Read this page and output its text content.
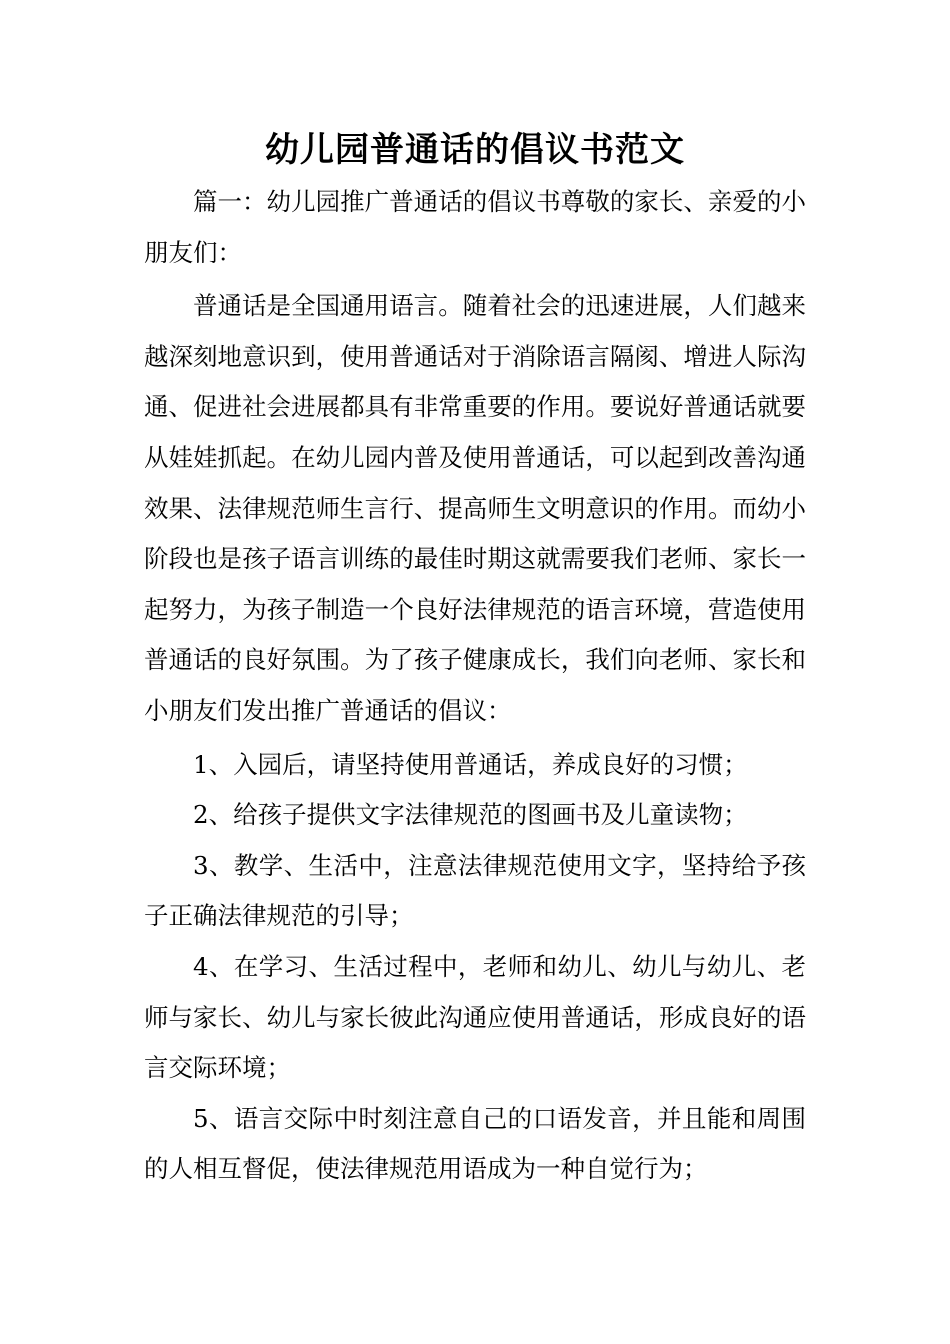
幼儿园普通话的倡议书范文

篇一：幼儿园推广普通话的倡议书尊敬的家长、亲爱的小朋友们：

普通话是全国通用语言。随着社会的迅速进展，人们越来越深刻地意识到，使用普通话对于消除语言隔阂、增进人际沟通、促进社会进展都具有非常重要的作用。要说好普通话就要从娃娃抓起。在幼儿园内普及使用普通话，可以起到改善沟通效果、法律规范师生言行、提高师生文明意识的作用。而幼小阶段也是孩子语言训练的最佳时期这就需要我们老师、家长一起努力，为孩子制造一个良好法律规范的语言环境，营造使用普通话的良好氛围。为了孩子健康成长，我们向老师、家长和小朋友们发出推广普通话的倡议：

1、入园后，请坚持使用普通话，养成良好的习惯；

2、给孩子提供文字法律规范的图画书及儿童读物；

3、教学、生活中，注意法律规范使用文字，坚持给予孩子正确法律规范的引导；

4、在学习、生活过程中，老师和幼儿、幼儿与幼儿、老师与家长、幼儿与家长彼此沟通应使用普通话，形成良好的语言交际环境；

5、语言交际中时刻注意自己的口语发音，并且能和周围的人相互督促，使法律规范用语成为一种自觉行为；
